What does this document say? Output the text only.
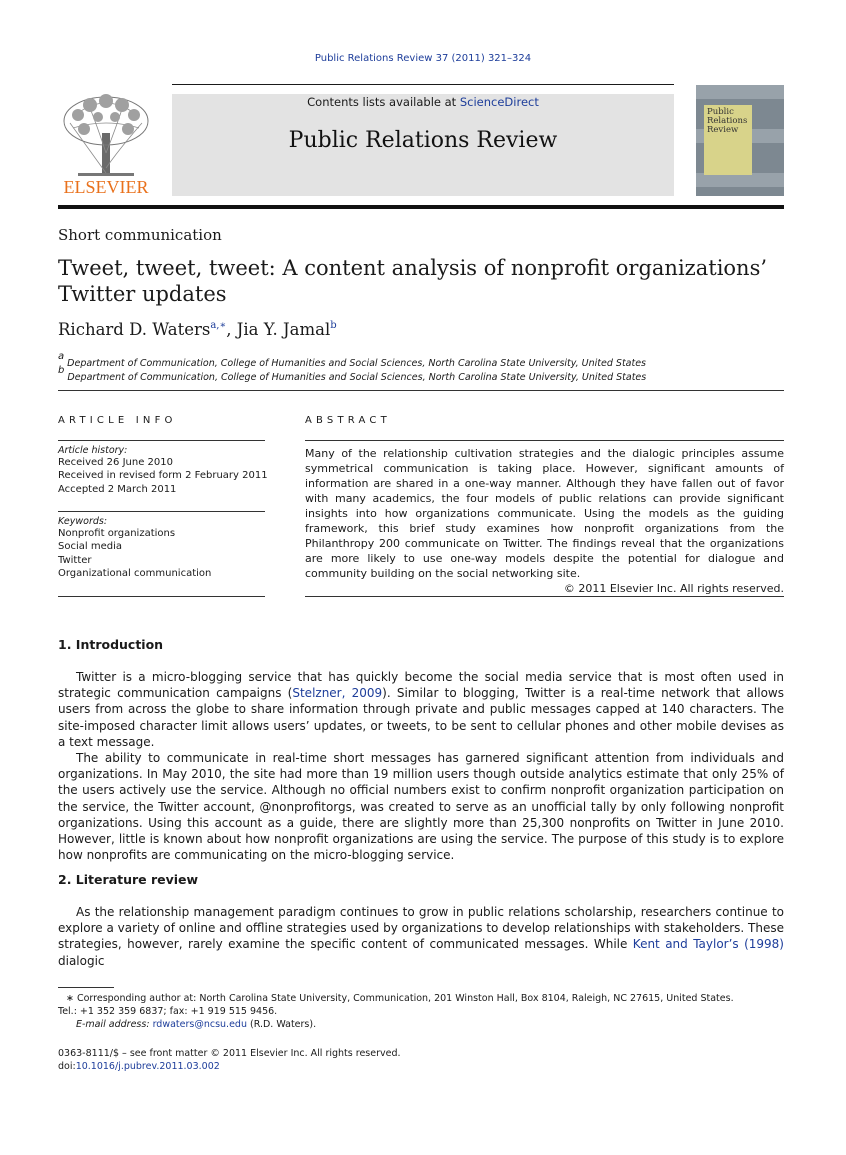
Public Relations Review 37 (2011) 321–324
ELSEVIER
Contents lists available at ScienceDirect
Public Relations Review
Public Relations Review
Short communication
Tweet, tweet, tweet: A content analysis of nonprofit organizations’ Twitter updates
Richard D. Waters$^{a,∗}$, Jia Y. Jamal$^b$
$^a$ Department of Communication, College of Humanities and Social Sciences, North Carolina State University, United States
$^b$ Department of Communication, College of Humanities and Social Sciences, North Carolina State University, United States
ARTICLE INFO
Article history:
Received 26 June 2010
Received in revised form 2 February 2011
Accepted 2 March 2011
Keywords:
Nonprofit organizations
Social media
Twitter
Organizational communication
ABSTRACT
Many of the relationship cultivation strategies and the dialogic principles assume symmetrical communication is taking place. However, significant amounts of information are shared in a one-way manner. Although they have fallen out of favor with many academics, the four models of public relations can provide significant insights into how organizations communicate. Using the models as the guiding framework, this brief study examines how nonprofit organizations from the Philanthropy 200 communicate on Twitter. The findings reveal that the organizations are more likely to use one-way models despite the potential for dialogue and community building on the social networking site.
© 2011 Elsevier Inc. All rights reserved.
1. Introduction

Twitter is a micro-blogging service that has quickly become the social media service that is most often used in strategic communication campaigns (Stelzner, 2009). Similar to blogging, Twitter is a real-time network that allows users from across the globe to share information through private and public messages capped at 140 characters. The site-imposed character limit allows users’ updates, or tweets, to be sent to cellular phones and other mobile devises as a text message.

The ability to communicate in real-time short messages has garnered significant attention from individuals and organizations. In May 2010, the site had more than 19 million users though outside analytics estimate that only 25% of the users actively use the service. Although no official numbers exist to confirm nonprofit organization participation on the service, the Twitter account, @nonprofitorgs, was created to serve as an unofficial tally by only following nonprofit organizations. Using this account as a guide, there are slightly more than 25,300 nonprofits on Twitter in June 2010. However, little is known about how nonprofit organizations are using the service. The purpose of this study is to explore how nonprofits are communicating on the micro-blogging service.

2. Literature review

As the relationship management paradigm continues to grow in public relations scholarship, researchers continue to explore a variety of online and offline strategies used by organizations to develop relationships with stakeholders. These strategies, however, rarely examine the specific content of communicated messages. While Kent and Taylor’s (1998) dialogic

∗ Corresponding author at: North Carolina State University, Communication, 201 Winston Hall, Box 8104, Raleigh, NC 27615, United States.
Tel.: +1 352 359 6837; fax: +1 919 515 9456.
E-mail address: rdwaters@ncsu.edu (R.D. Waters).
0363-8111/$ – see front matter © 2011 Elsevier Inc. All rights reserved.
doi:10.1016/j.pubrev.2011.03.002
